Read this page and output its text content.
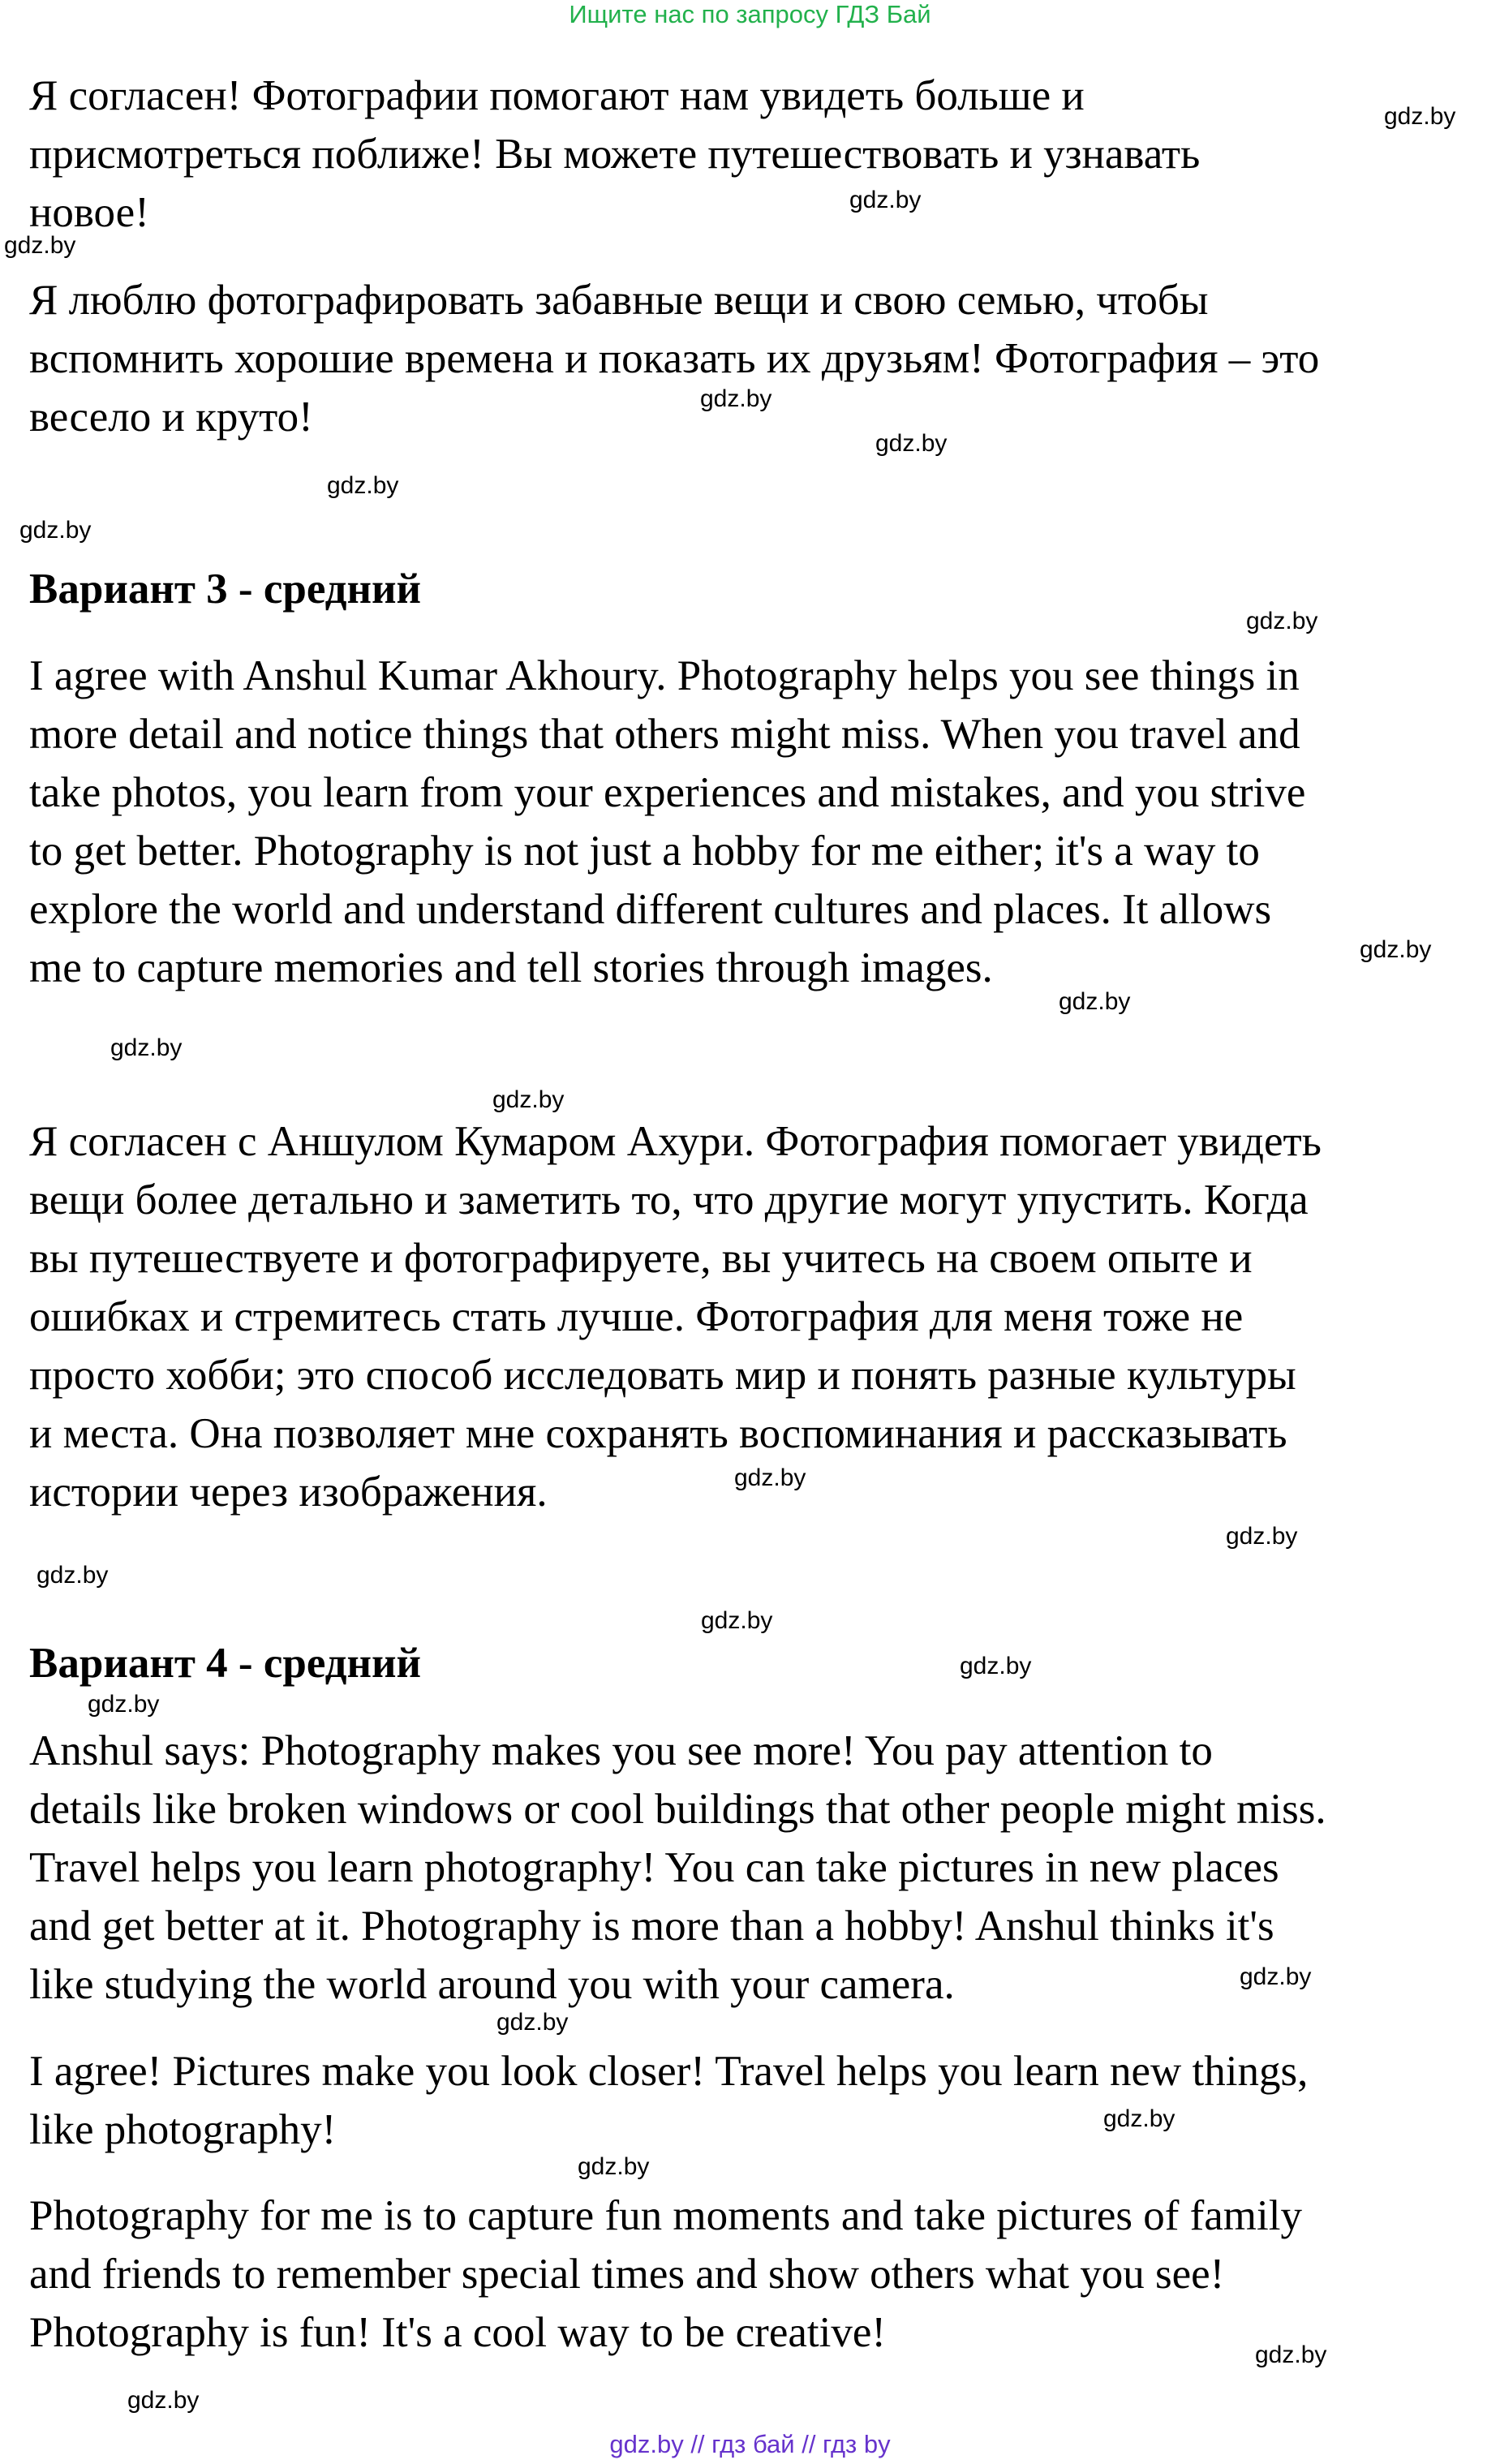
Ищите нас по запросу ГДЗ Бай
Я согласен! Фотографии помогают нам увидеть больше и
присмотреться поближе! Вы можете путешествовать и узнавать
новое!
Я люблю фотографировать забавные вещи и свою семью, чтобы
вспомнить хорошие времена и показать их друзьям! Фотография – это
весело и круто!
Вариант 3 - средний
I agree with Anshul Kumar Akhoury. Photography helps you see things in
more detail and notice things that others might miss. When you travel and
take photos, you learn from your experiences and mistakes, and you strive
to get better. Photography is not just a hobby for me either; it's a way to
explore the world and understand different cultures and places. It allows
me to capture memories and tell stories through images.
Я согласен с Аншулом Кумаром Ахури. Фотография помогает увидеть
вещи более детально и заметить то, что другие могут упустить. Когда
вы путешествуете и фотографируете, вы учитесь на своем опыте и
ошибках и стремитесь стать лучше. Фотография для меня тоже не
просто хобби; это способ исследовать мир и понять разные культуры
и места. Она позволяет мне сохранять воспоминания и рассказывать
истории через изображения.
Вариант 4 - средний
Anshul says: Photography makes you see more! You pay attention to
details like broken windows or cool buildings that other people might miss.
Travel helps you learn photography! You can take pictures in new places
and get better at it. Photography is more than a hobby! Anshul thinks it's
like studying the world around you with your camera.
I agree! Pictures make you look closer! Travel helps you learn new things,
like photography!
Photography for me is to capture fun moments and take pictures of family
and friends to remember special times and show others what you see!
Photography is fun! It's a cool way to be creative!
gdz.by
gdz.by
gdz.by
gdz.by
gdz.by
gdz.by
gdz.by
gdz.by
gdz.by
gdz.by
gdz.by
gdz.by
gdz.by
gdz.by
gdz.by
gdz.by
gdz.by
gdz.by
gdz.by
gdz.by
gdz.by
gdz.by
gdz.by
gdz.by
gdz.by // гдз бай // гдз by
